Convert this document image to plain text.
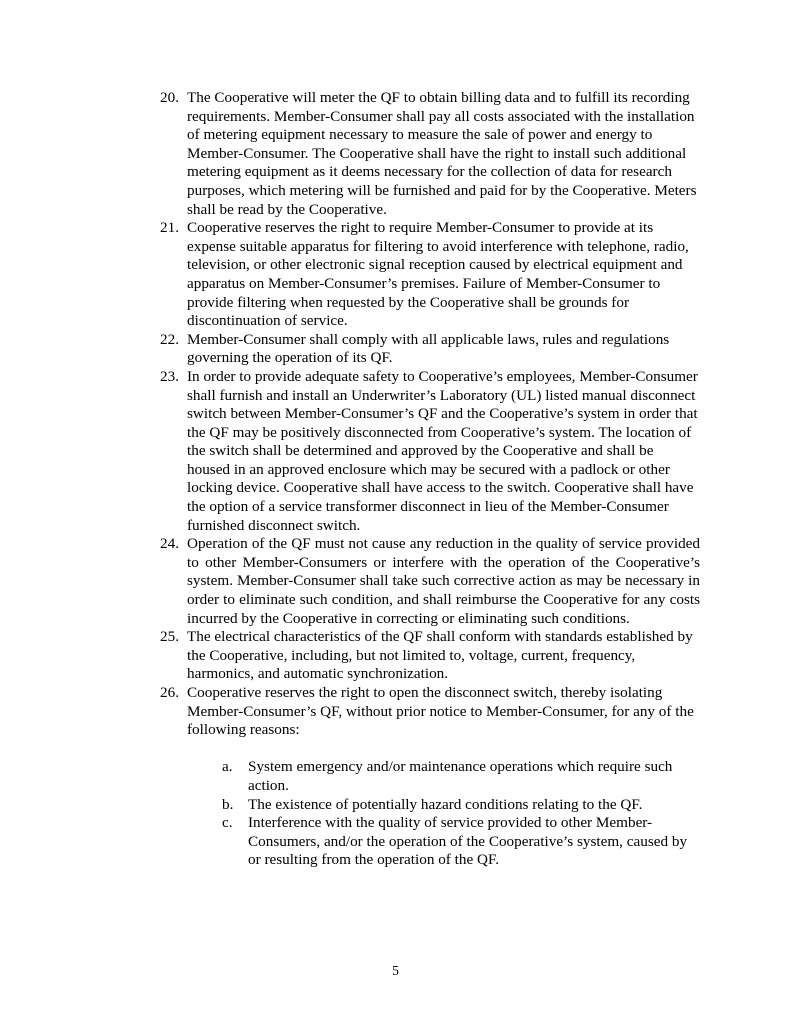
20. The Cooperative will meter the QF to obtain billing data and to fulfill its recording requirements. Member-Consumer shall pay all costs associated with the installation of metering equipment necessary to measure the sale of power and energy to Member-Consumer. The Cooperative shall have the right to install such additional metering equipment as it deems necessary for the collection of data for research purposes, which metering will be furnished and paid for by the Cooperative. Meters shall be read by the Cooperative.
21. Cooperative reserves the right to require Member-Consumer to provide at its expense suitable apparatus for filtering to avoid interference with telephone, radio, television, or other electronic signal reception caused by electrical equipment and apparatus on Member-Consumer’s premises. Failure of Member-Consumer to provide filtering when requested by the Cooperative shall be grounds for discontinuation of service.
22. Member-Consumer shall comply with all applicable laws, rules and regulations governing the operation of its QF.
23. In order to provide adequate safety to Cooperative’s employees, Member-Consumer shall furnish and install an Underwriter’s Laboratory (UL) listed manual disconnect switch between Member-Consumer’s QF and the Cooperative’s system in order that the QF may be positively disconnected from Cooperative’s system. The location of the switch shall be determined and approved by the Cooperative and shall be housed in an approved enclosure which may be secured with a padlock or other locking device. Cooperative shall have access to the switch. Cooperative shall have the option of a service transformer disconnect in lieu of the Member-Consumer furnished disconnect switch.
24. Operation of the QF must not cause any reduction in the quality of service provided to other Member-Consumers or interfere with the operation of the Cooperative’s system. Member-Consumer shall take such corrective action as may be necessary in order to eliminate such condition, and shall reimburse the Cooperative for any costs incurred by the Cooperative in correcting or eliminating such conditions.
25. The electrical characteristics of the QF shall conform with standards established by the Cooperative, including, but not limited to, voltage, current, frequency, harmonics, and automatic synchronization.
26. Cooperative reserves the right to open the disconnect switch, thereby isolating Member-Consumer’s QF, without prior notice to Member-Consumer, for any of the following reasons:
a.	System emergency and/or maintenance operations which require such action.
b. The existence of potentially hazard conditions relating to the QF.
c.	Interference with the quality of service provided to other Member-Consumers, and/or the operation of the Cooperative’s system, caused by or resulting from the operation of the QF.
5
